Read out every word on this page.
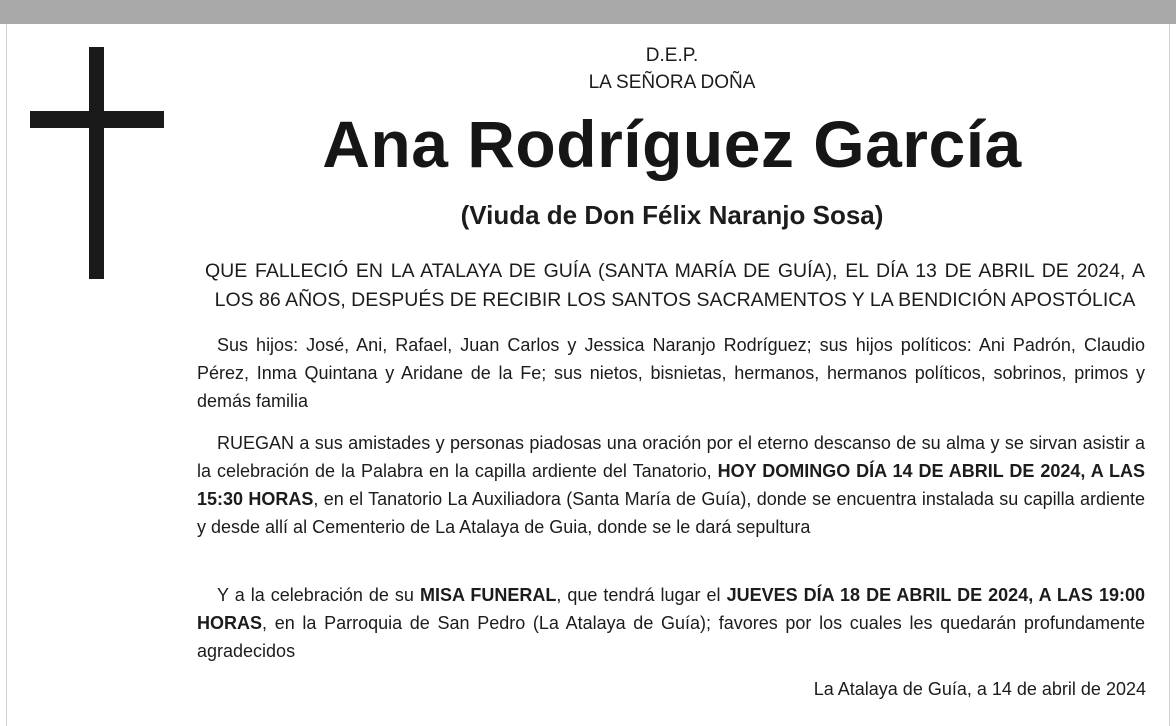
D.E.P.
LA SEÑORA DOÑA
Ana Rodríguez García
(Viuda de Don Félix Naranjo Sosa)
QUE FALLECIÓ EN LA ATALAYA DE GUÍA (SANTA MARÍA DE GUÍA), EL DÍA 13 DE ABRIL DE 2024, A LOS 86 AÑOS, DESPUÉS DE RECIBIR LOS SANTOS SACRAMENTOS Y LA BENDICIÓN APOSTÓLICA
Sus hijos: José, Ani, Rafael, Juan Carlos y Jessica Naranjo Rodríguez; sus hijos políticos: Ani Padrón, Claudio Pérez, Inma Quintana y Aridane de la Fe; sus nietos, bisnietas, hermanos, hermanos políticos, sobrinos, primos y demás familia
RUEGAN a sus amistades y personas piadosas una oración por el eterno descanso de su alma y se sirvan asistir a la celebración de la Palabra en la capilla ardiente del Tanatorio, HOY DOMINGO DÍA 14 DE ABRIL DE 2024, A LAS 15:30 HORAS, en el Tanatorio La Auxiliadora (Santa María de Guía), donde se encuentra instalada su capilla ardiente y desde allí al Cementerio de La Atalaya de Guia, donde se le dará sepultura
Y a la celebración de su MISA FUNERAL, que tendrá lugar el JUEVES DÍA 18 DE ABRIL DE 2024, A LAS 19:00 HORAS, en la Parroquia de San Pedro (La Atalaya de Guía); favores por los cuales les quedarán profundamente agradecidos
La Atalaya de Guía, a 14 de abril de 2024
